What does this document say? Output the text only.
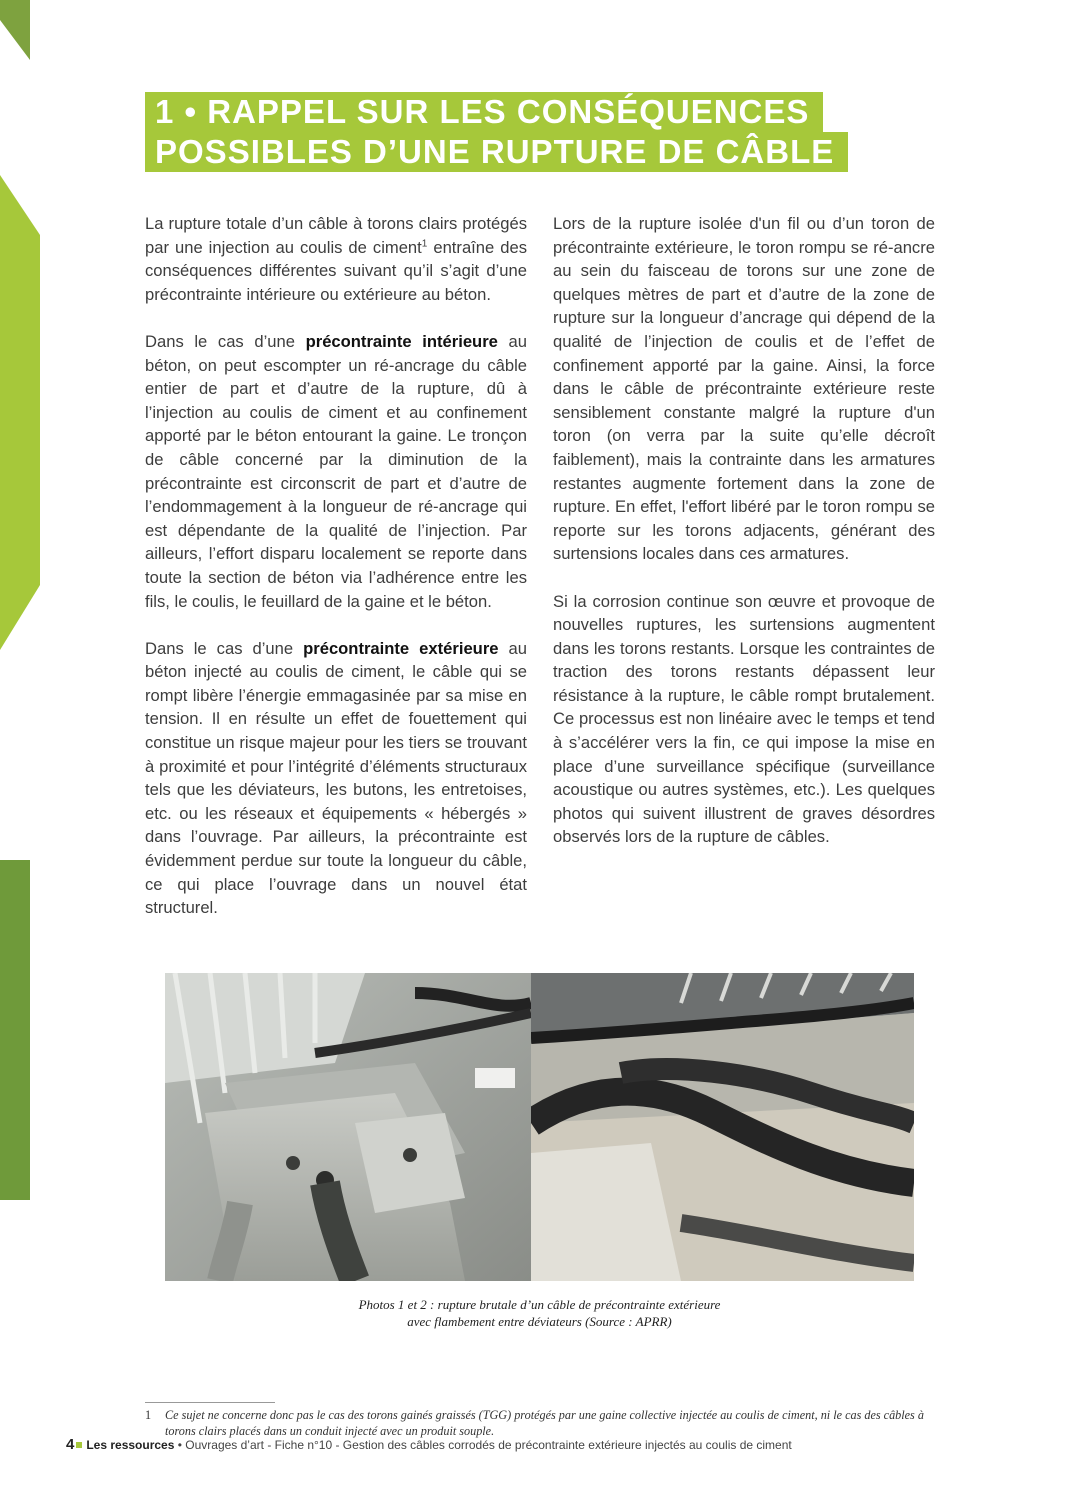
1 • RAPPEL SUR LES CONSÉQUENCES
POSSIBLES D’UNE RUPTURE DE CÂBLE

La rupture totale d’un câble à torons clairs protégés par une injection au coulis de ciment$^1$ entraîne des conséquences différentes suivant qu’il s’agit d’une précontrainte intérieure ou extérieure au béton.

Dans le cas d’une précontrainte intérieure au béton, on peut escompter un ré-ancrage du câble entier de part et d’autre de la rupture, dû à l’injection au coulis de ciment et au confinement apporté par le béton entourant la gaine. Le tronçon de câble concerné par la diminution de la précontrainte est circonscrit de part et d’autre de l’endommagement à la longueur de ré-ancrage qui est dépendante de la qualité de l’injection. Par ailleurs, l’effort disparu localement se reporte dans toute la section de béton via l’adhérence entre les fils, le coulis, le feuillard de la gaine et le béton.

Dans le cas d’une précontrainte extérieure au béton injecté au coulis de ciment, le câble qui se rompt libère l’énergie emmagasinée par sa mise en tension. Il en résulte un effet de fouettement qui constitue un risque majeur pour les tiers se trouvant à proximité et pour l’intégrité d’éléments structuraux tels que les déviateurs, les butons, les entretoises, etc. ou les réseaux et équipements « hébergés » dans l’ouvrage. Par ailleurs, la précontrainte est évidemment perdue sur toute la longueur du câble, ce qui place l’ouvrage dans un nouvel état structurel.

Lors de la rupture isolée d'un fil ou d’un toron de précontrainte extérieure, le toron rompu se ré-ancre au sein du faisceau de torons sur une zone de quelques mètres de part et d’autre de la zone de rupture sur la longueur d’ancrage qui dépend de la qualité de l’injection de coulis et de l’effet de confinement apporté par la gaine. Ainsi, la force dans le câble de précontrainte extérieure reste sensiblement constante malgré la rupture d'un toron (on verra par la suite qu’elle décroît faiblement), mais la contrainte dans les armatures restantes augmente fortement dans la zone de rupture. En effet, l'effort libéré par le toron rompu se reporte sur les torons adjacents, générant des surtensions locales dans ces armatures.

Si la corrosion continue son œuvre et provoque de nouvelles ruptures, les surtensions augmentent dans les torons restants. Lorsque les contraintes de traction des torons restants dépassent leur résistance à la rupture, le câble rompt brutalement. Ce processus est non linéaire avec le temps et tend à s’accélérer vers la fin, ce qui impose la mise en place d’une surveillance spécifique (surveillance acoustique ou autres systèmes, etc.). Les quelques photos qui suivent illustrent de graves désordres observés lors de la rupture de câbles.

Photos 1 et 2 : rupture brutale d’un câble de précontrainte extérieure
avec flambement entre déviateurs (Source : APRR)
1 Ce sujet ne concerne donc pas le cas des torons gainés graissés (TGG) protégés par une gaine collective injectée au coulis de ciment, ni le cas des câbles à torons clairs placés dans un conduit injecté avec un produit souple.
4 Les ressources • Ouvrages d’art - Fiche n°10 - Gestion des câbles corrodés de précontrainte extérieure injectés au coulis de ciment
